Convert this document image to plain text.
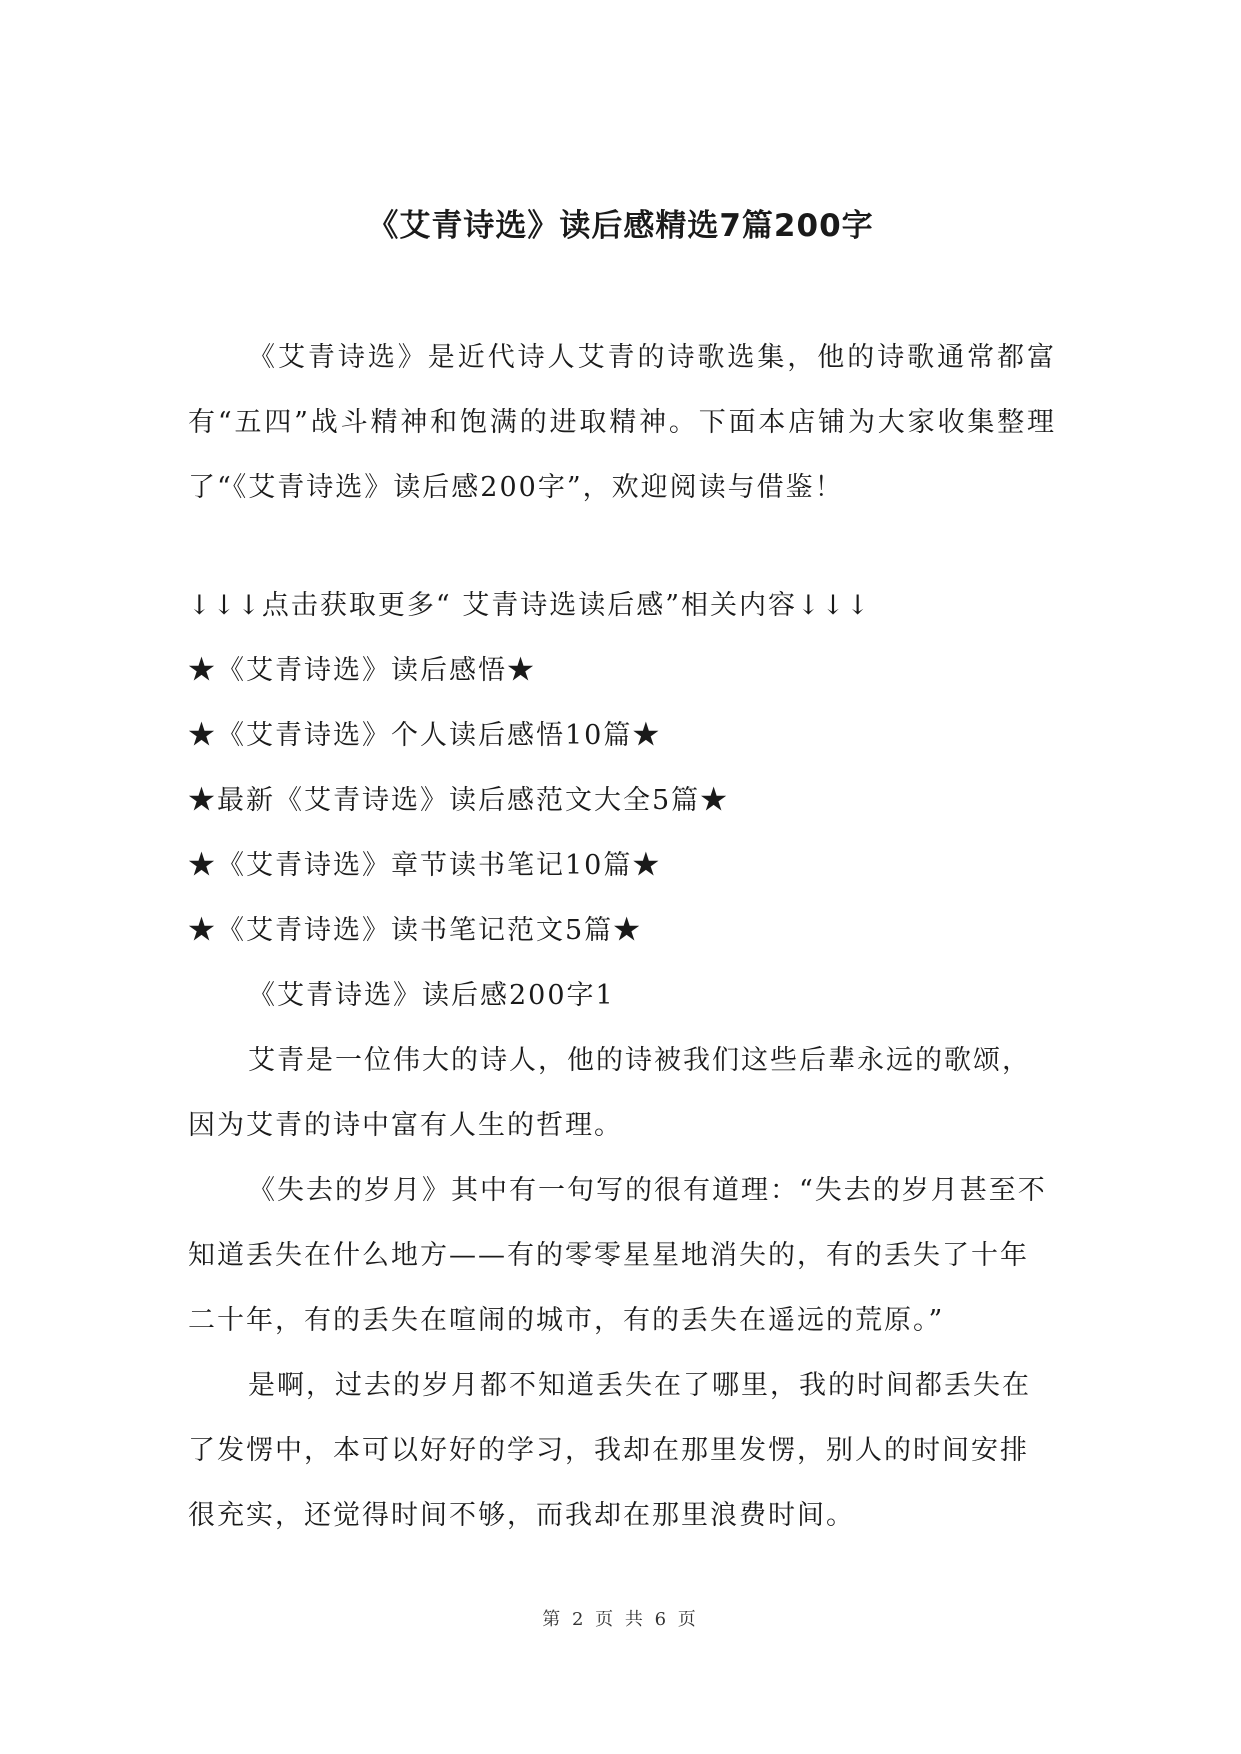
《艾青诗选》读后感精选7篇200字

《艾青诗选》是近代诗人艾青的诗歌选集，他的诗歌通常都富有“五四”战斗精神和饱满的进取精神。下面本店铺为大家收集整理了“《艾青诗选》读后感200字”，欢迎阅读与借鉴！

↓↓↓点击获取更多“ 艾青诗选读后感”相关内容↓↓↓

★《艾青诗选》读后感悟★

★《艾青诗选》个人读后感悟10篇★

★最新《艾青诗选》读后感范文大全5篇★

★《艾青诗选》章节读书笔记10篇★

★《艾青诗选》读书笔记范文5篇★

《艾青诗选》读后感200字1

艾青是一位伟大的诗人，他的诗被我们这些后辈永远的歌颂，因为艾青的诗中富有人生的哲理。

《失去的岁月》其中有一句写的很有道理：“失去的岁月甚至不知道丢失在什么地方——有的零零星星地消失的，有的丢失了十年二十年，有的丢失在喧闹的城市，有的丢失在遥远的荒原。”

是啊，过去的岁月都不知道丢失在了哪里，我的时间都丢失在了发愣中，本可以好好的学习，我却在那里发愣，别人的时间安排很充实，还觉得时间不够，而我却在那里浪费时间。

第 2 页 共 6 页
